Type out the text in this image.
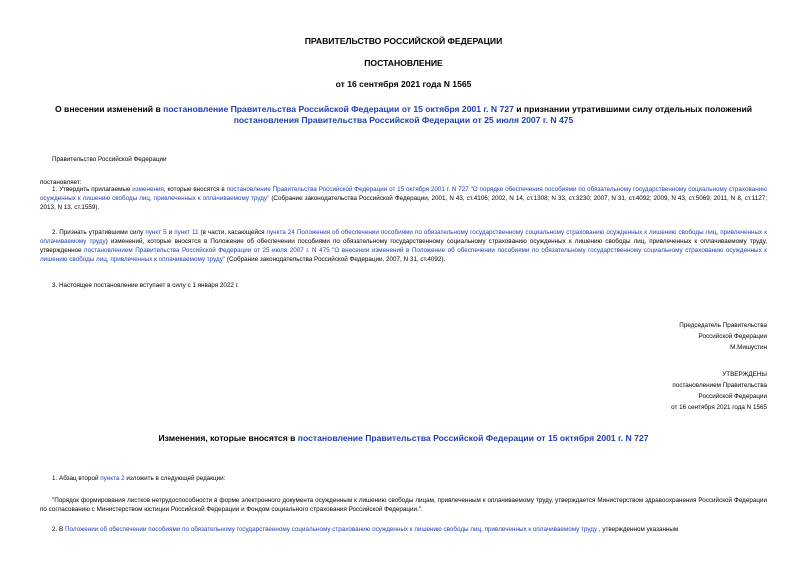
ПРАВИТЕЛЬСТВО РОССИЙСКОЙ ФЕДЕРАЦИИ
ПОСТАНОВЛЕНИЕ
от 16 сентября 2021 года N 1565
О внесении изменений в постановление Правительства Российской Федерации от 15 октября 2001 г. N 727 и признании утратившими силу отдельных положений постановления Правительства Российской Федерации от 25 июля 2007 г. N 475
Правительство Российской Федерации
постановляет:
1. Утвердить прилагаемые изменения, которые вносятся в постановление Правительства Российской Федерации от 15 октября 2001 г. N 727 "О порядке обеспечения пособиями по обязательному государственному социальному страхованию осужденных к лишению свободы лиц, привлеченных к оплачиваемому труду" (Собрание законодательства Российской Федерации, 2001, N 43, ст.4106; 2002, N 14, ст.1308; N 33, ст.3230; 2007, N 31, ст.4092; 2009, N 43, ст.5069; 2011, N 8, ст.1127; 2013, N 13, ст.1559).
2. Признать утратившими силу пункт 5 и пункт 11 (в части, касающейся пункта 24 Положения об обеспечении пособиями по обязательному государственному социальному страхованию осужденных к лишению свободы лиц, привлеченных к оплачиваемому труду) изменений, которые вносятся в Положение об обеспечении пособиями по обязательному государственному социальному страхованию осужденных к лишению свободы лиц, привлеченных к оплачиваемому труду, утвержденное постановлением Правительства Российской Федерации от 25 июля 2007 г. N 475 "О внесении изменений в Положение об обеспечении пособиями по обязательному государственному социальному страхованию осужденных к лишению свободы лиц, привлеченных к оплачиваемому труду" (Собрание законодательства Российской Федерации, 2007, N 31, ст.4092).
3. Настоящее постановление вступает в силу с 1 января 2022 г.
Председатель Правительства
Российской Федерации
М.Мишустин
УТВЕРЖДЕНЫ
постановлением Правительства
Российской Федерации
от 16 сентября 2021 года N 1565
Изменения, которые вносятся в постановление Правительства Российской Федерации от 15 октября 2001 г. N 727
1. Абзац второй пункта 2 изложить в следующей редакции:
"Порядок формирования листков нетрудоспособности в форме электронного документа осужденным к лишению свободы лицам, привлеченным к оплачиваемому труду, утверждается Министерством здравоохранения Российской Федерации по согласованию с Министерством юстиции Российской Федерации и Фондом социального страхования Российской Федерации.".
2. В Положении об обеспечении пособиями по обязательному государственному социальному страхованию осужденных к лишению свободы лиц, привлеченных к оплачиваемому труду , утвержденном указанным
